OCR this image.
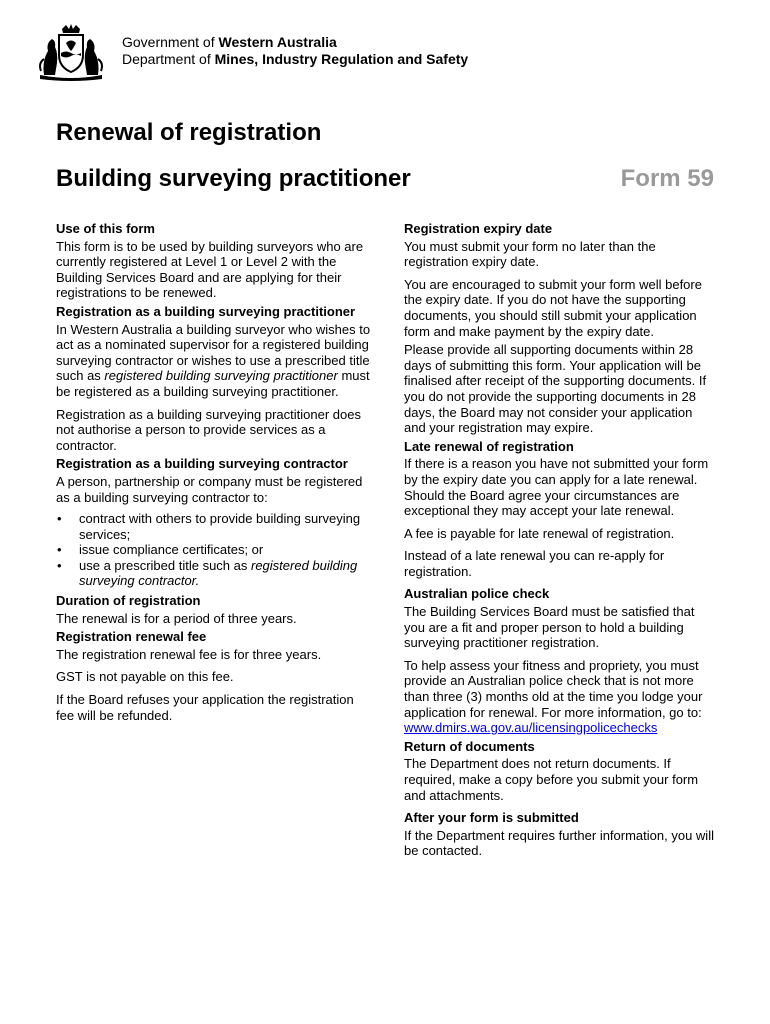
Government of Western Australia
Department of Mines, Industry Regulation and Safety
Renewal of registration
Building surveying practitioner	Form 59
Use of this form

This form is to be used by building surveyors who are currently registered at Level 1 or Level 2 with the Building Services Board and are applying for their registrations to be renewed.

Registration as a building surveying practitioner

In Western Australia a building surveyor who wishes to act as a nominated supervisor for a registered building surveying contractor or wishes to use a prescribed title such as registered building surveying practitioner must be registered as a building surveying practitioner.

Registration as a building surveying practitioner does not authorise a person to provide services as a contractor.

Registration as a building surveying contractor

A person, partnership or company must be registered as a building surveying contractor to:

• contract with others to provide building surveying services;
• issue compliance certificates; or
• use a prescribed title such as registered building surveying contractor.
Duration of registration

The renewal is for a period of three years.

Registration renewal fee

The registration renewal fee is for three years.

GST is not payable on this fee.

If the Board refuses your application the registration fee will be refunded.

Registration expiry date

You must submit your form no later than the registration expiry date.

You are encouraged to submit your form well before the expiry date. If you do not have the supporting documents, you should still submit your application form and make payment by the expiry date.

Please provide all supporting documents within 28 days of submitting this form. Your application will be finalised after receipt of the supporting documents. If you do not provide the supporting documents in 28 days, the Board may not consider your application and your registration may expire.

Late renewal of registration

If there is a reason you have not submitted your form by the expiry date you can apply for a late renewal. Should the Board agree your circumstances are exceptional they may accept your late renewal.

A fee is payable for late renewal of registration.

Instead of a late renewal you can re-apply for registration.

Australian police check

The Building Services Board must be satisfied that you are a fit and proper person to hold a building surveying practitioner registration.

To help assess your fitness and propriety, you must provide an Australian police check that is not more than three (3) months old at the time you lodge your application for renewal. For more information, go to:
www.dmirs.wa.gov.au/licensingpolicechecks

Return of documents

The Department does not return documents. If required, make a copy before you submit your form and attachments.

After your form is submitted

If the Department requires further information, you will be contacted.
